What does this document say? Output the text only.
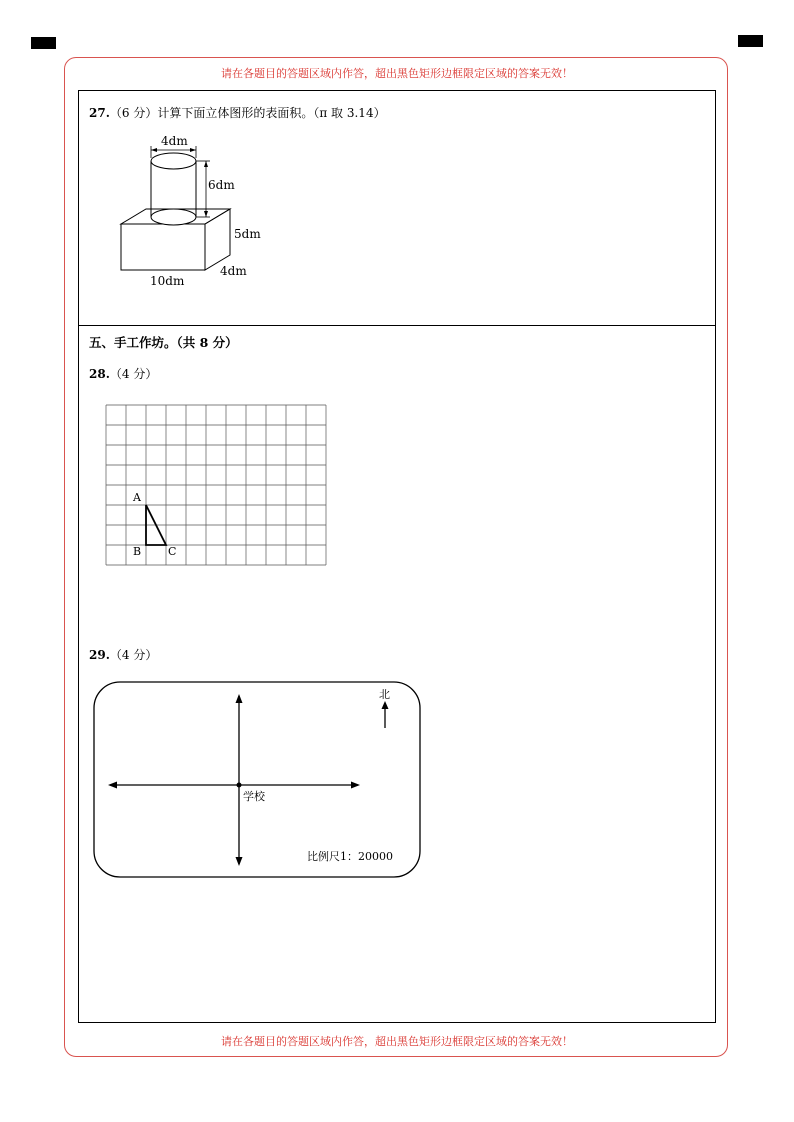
请在各题目的答题区域内作答，超出黑色矩形边框限定区域的答案无效！
请在各题目的答题区域内作答，超出黑色矩形边框限定区域的答案无效！
27.（6 分）计算下面立体图形的表面积。（π 取 3.14）
4dm
6dm
5dm
4dm
10dm
五、手工作坊。（共 8 分）
28.（4 分）
A
B C
29.（4 分）
学校
北
比例尺1：20000
